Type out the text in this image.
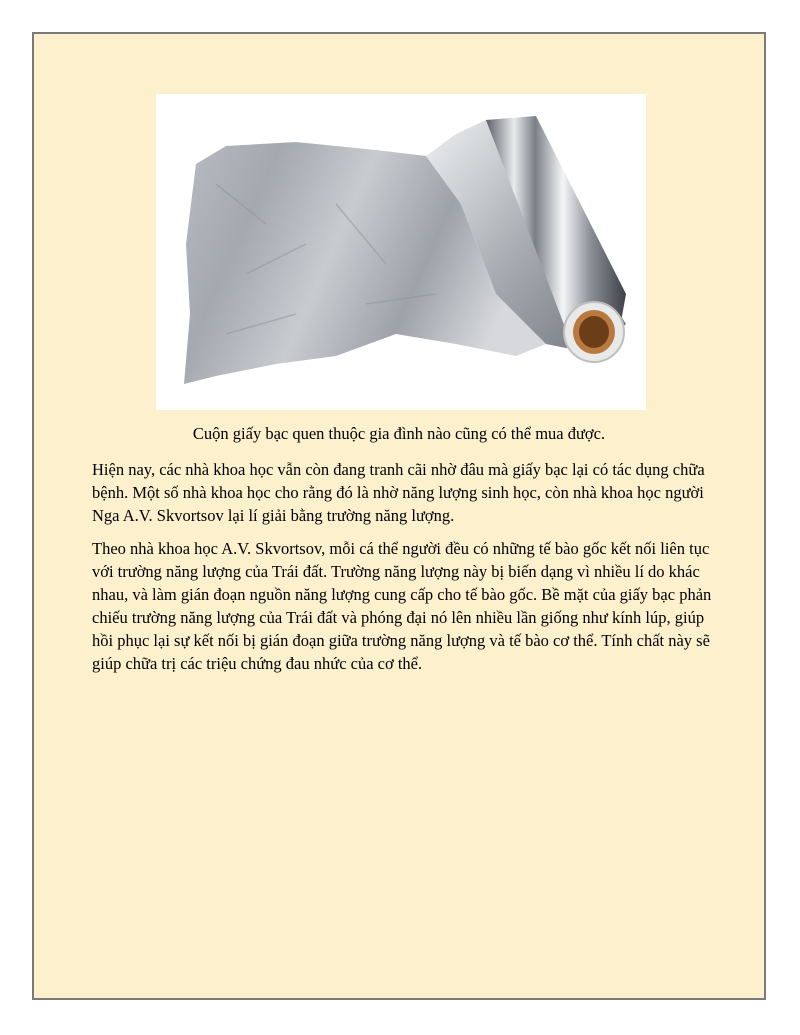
Cuộn giấy bạc quen thuộc gia đình nào cũng có thể mua được.

Hiện nay, các nhà khoa học vẫn còn đang tranh cãi nhờ đâu mà giấy bạc lại có tác dụng chữa bệnh. Một số nhà khoa học cho rằng đó là nhờ năng lượng sinh học, còn nhà khoa học người Nga A.V. Skvortsov lại lí giải bằng trường năng lượng.

Theo nhà khoa học A.V. Skvortsov, mỗi cá thể người đều có những tế bào gốc kết nối liên tục với trường năng lượng của Trái đất. Trường năng lượng này bị biến dạng vì nhiều lí do khác nhau, và làm gián đoạn nguồn năng lượng cung cấp cho tế bào gốc. Bề mặt của giấy bạc phản chiếu trường năng lượng của Trái đất và phóng đại nó lên nhiều lần giống như kính lúp, giúp hồi phục lại sự kết nối bị gián đoạn giữa trường năng lượng và tế bào cơ thể. Tính chất này sẽ giúp chữa trị các triệu chứng đau nhức của cơ thể.
